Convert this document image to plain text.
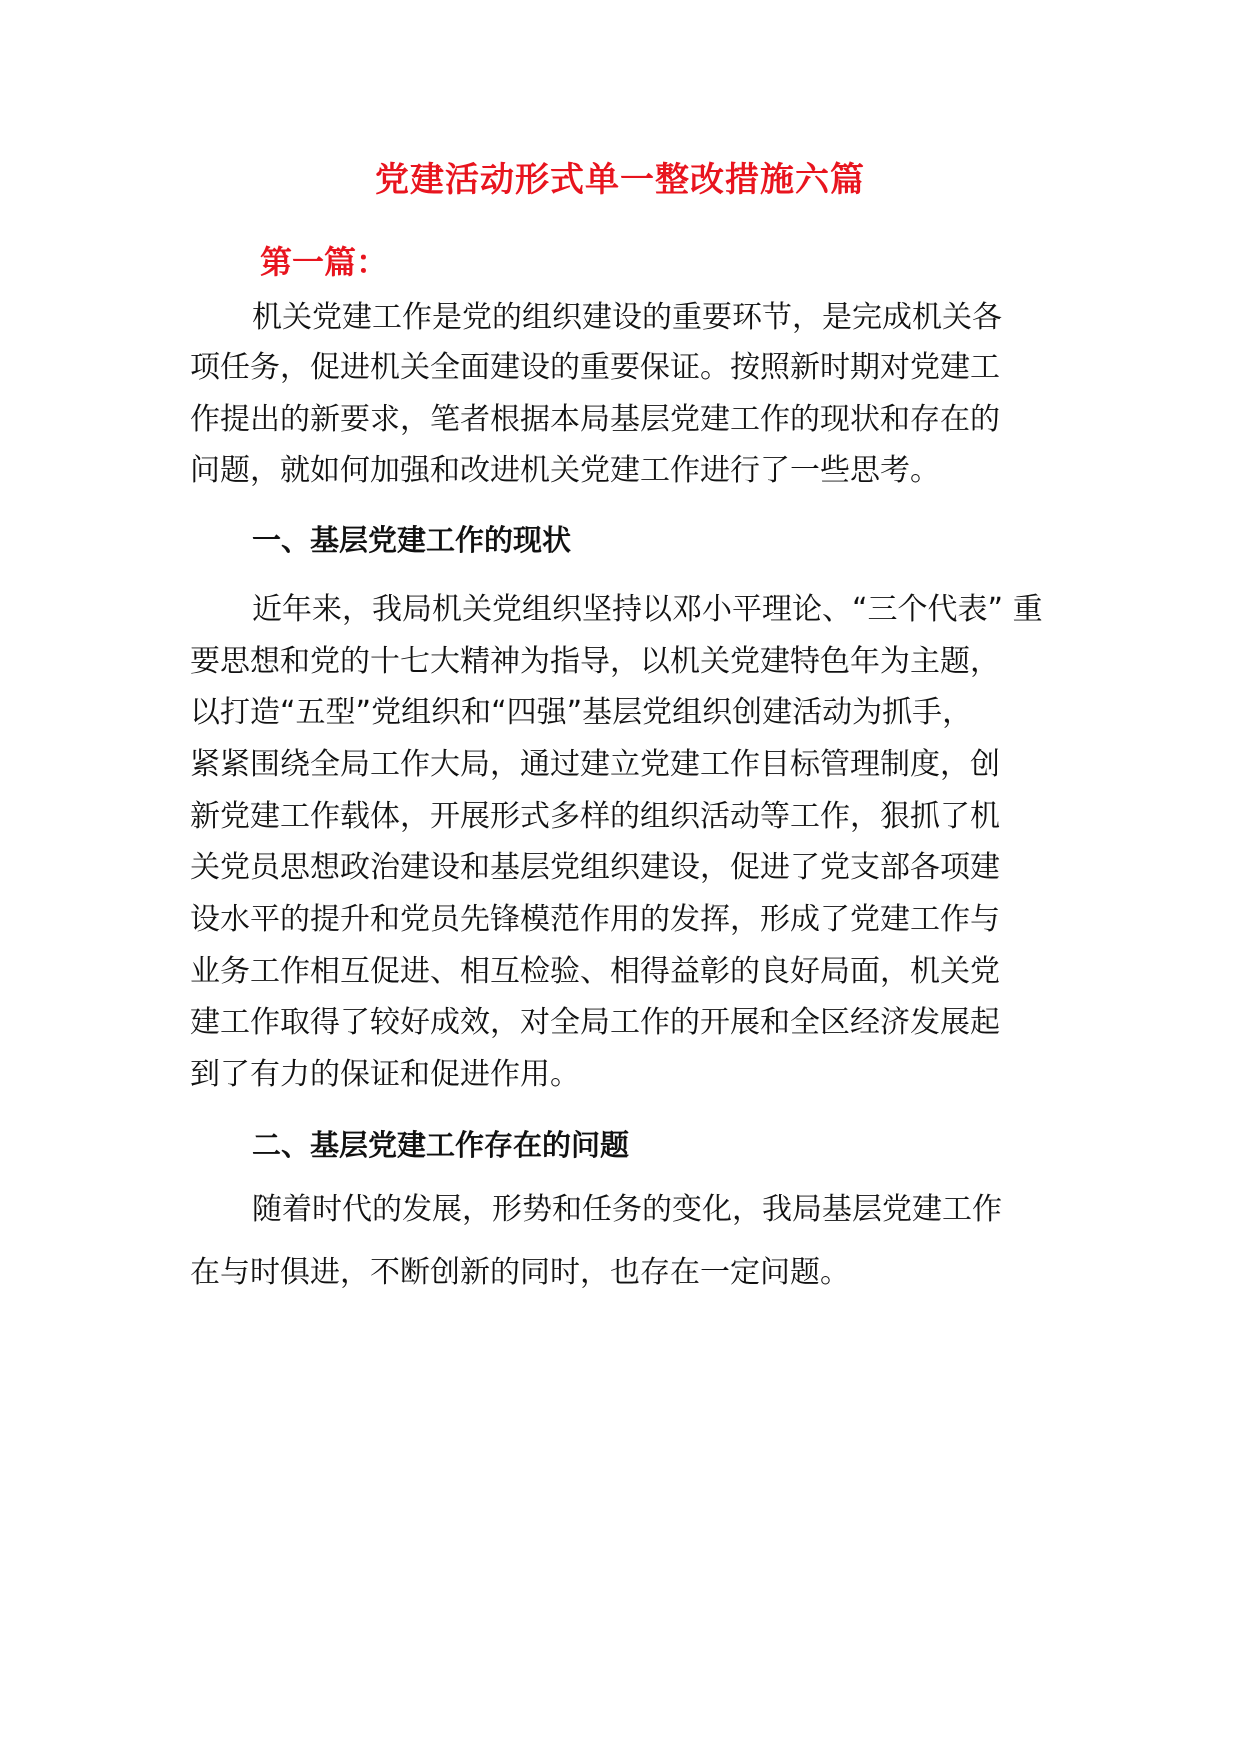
党建活动形式单一整改措施六篇
第一篇：
机关党建工作是党的组织建设的重要环节，是完成机关各
项任务，促进机关全面建设的重要保证。按照新时期对党建工
作提出的新要求，笔者根据本局基层党建工作的现状和存在的
问题，就如何加强和改进机关党建工作进行了一些思考。
一、基层党建工作的现状
近年来，我局机关党组织坚持以邓小平理论、“三个代表” 重
要思想和党的十七大精神为指导，以机关党建特色年为主题，
以打造“五型”党组织和“四强”基层党组织创建活动为抓手，
紧紧围绕全局工作大局，通过建立党建工作目标管理制度，创
新党建工作载体，开展形式多样的组织活动等工作，狠抓了机
关党员思想政治建设和基层党组织建设，促进了党支部各项建
设水平的提升和党员先锋模范作用的发挥，形成了党建工作与
业务工作相互促进、相互检验、相得益彰的良好局面，机关党
建工作取得了较好成效，对全局工作的开展和全区经济发展起
到了有力的保证和促进作用。
二、基层党建工作存在的问题
随着时代的发展，形势和任务的变化，我局基层党建工作
在与时俱进，不断创新的同时，也存在一定问题。
